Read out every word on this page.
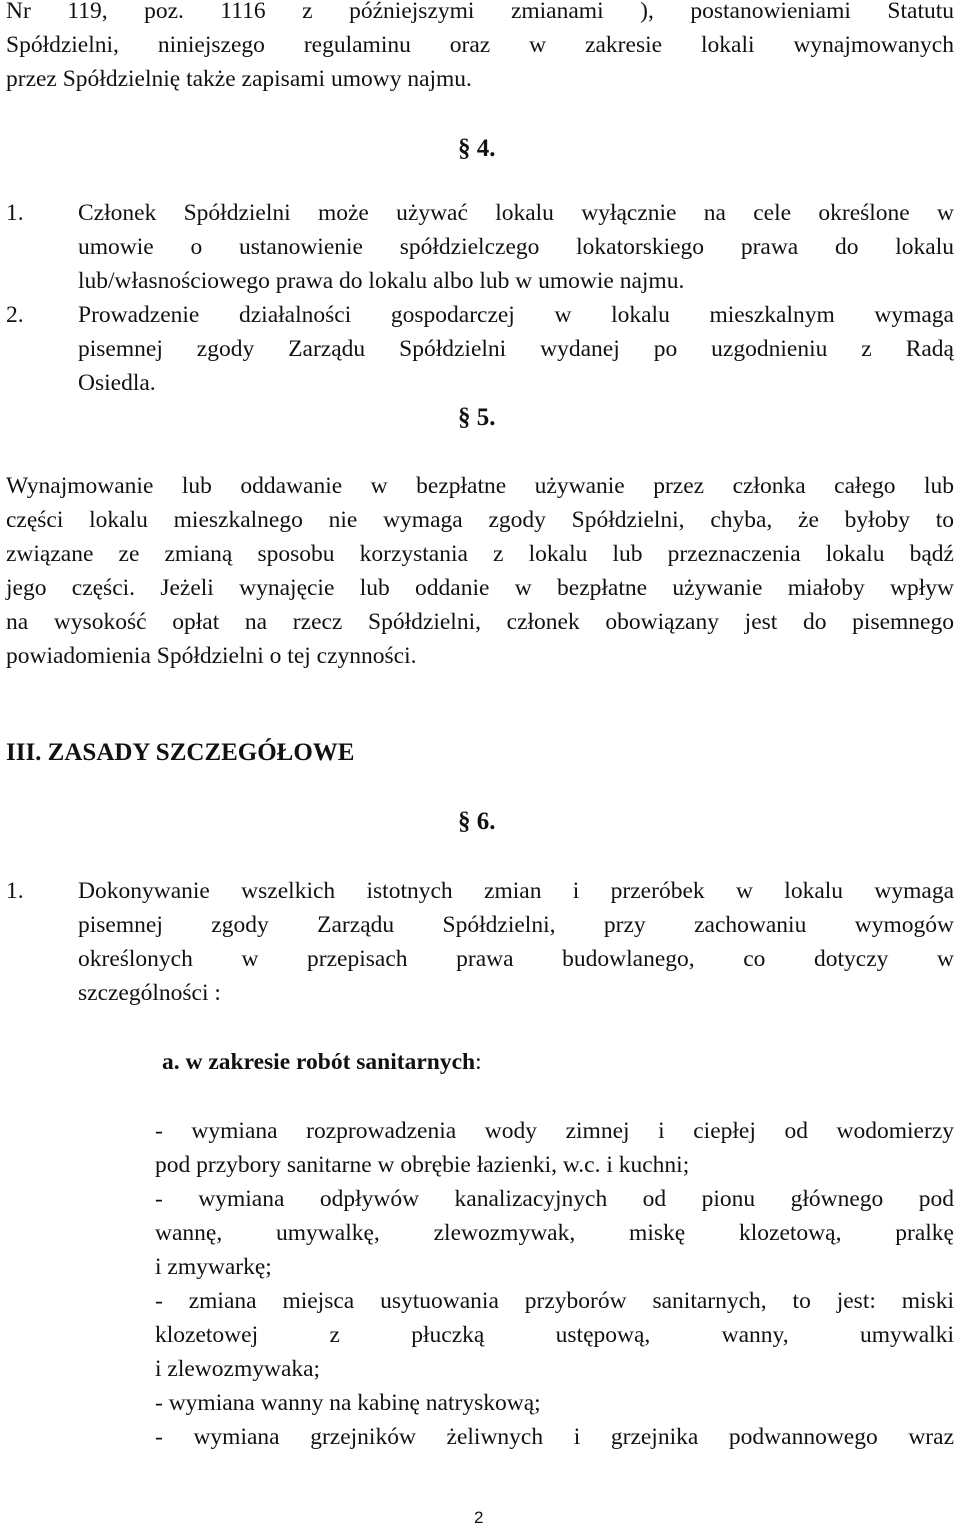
Nr 119, poz. 1116 z późniejszymi zmianami ), postanowieniami Statutu
Spółdzielni, niniejszego regulaminu oraz w zakresie lokali wynajmowanych
przez Spółdzielnię także zapisami umowy najmu.
§ 4.
1. Członek Spółdzielni może używać lokalu wyłącznie na cele określone w
umowie o ustanowienie spółdzielczego lokatorskiego prawa do lokalu
lub/własnościowego prawa do lokalu albo lub w umowie najmu.
2. Prowadzenie działalności gospodarczej w lokalu mieszkalnym wymaga
pisemnej zgody Zarządu Spółdzielni wydanej po uzgodnieniu z Radą
Osiedla.
§ 5.
Wynajmowanie lub oddawanie w bezpłatne używanie przez członka całego lub
części lokalu mieszkalnego nie wymaga zgody Spółdzielni, chyba, że byłoby to
związane ze zmianą sposobu korzystania z lokalu lub przeznaczenia lokalu bądź
jego części. Jeżeli wynajęcie lub oddanie w bezpłatne używanie miałoby wpływ
na wysokość opłat na rzecz Spółdzielni, członek obowiązany jest do pisemnego
powiadomienia Spółdzielni o tej czynności.
III. ZASADY SZCZEGÓŁOWE
§ 6.
1. Dokonywanie wszelkich istotnych zmian i przeróbek w lokalu wymaga
pisemnej zgody Zarządu Spółdzielni, przy zachowaniu wymogów
określonych w przepisach prawa budowlanego, co dotyczy w
szczególności :
a. w zakresie robót sanitarnych:
- wymiana rozprowadzenia wody zimnej i ciepłej od wodomierzy
pod przybory sanitarne w obrębie łazienki, w.c. i kuchni;
- wymiana odpływów kanalizacyjnych od pionu głównego pod
wannę, umywalkę, zlewozmywak, miskę klozetową, pralkę
i zmywarkę;
- zmiana miejsca usytuowania przyborów sanitarnych, to jest: miski
klozetowej z płuczką ustępową, wanny, umywalki
i zlewozmywaka;
- wymiana wanny na kabinę natryskową;
- wymiana grzejników żeliwnych i grzejnika podwannowego wraz
2
